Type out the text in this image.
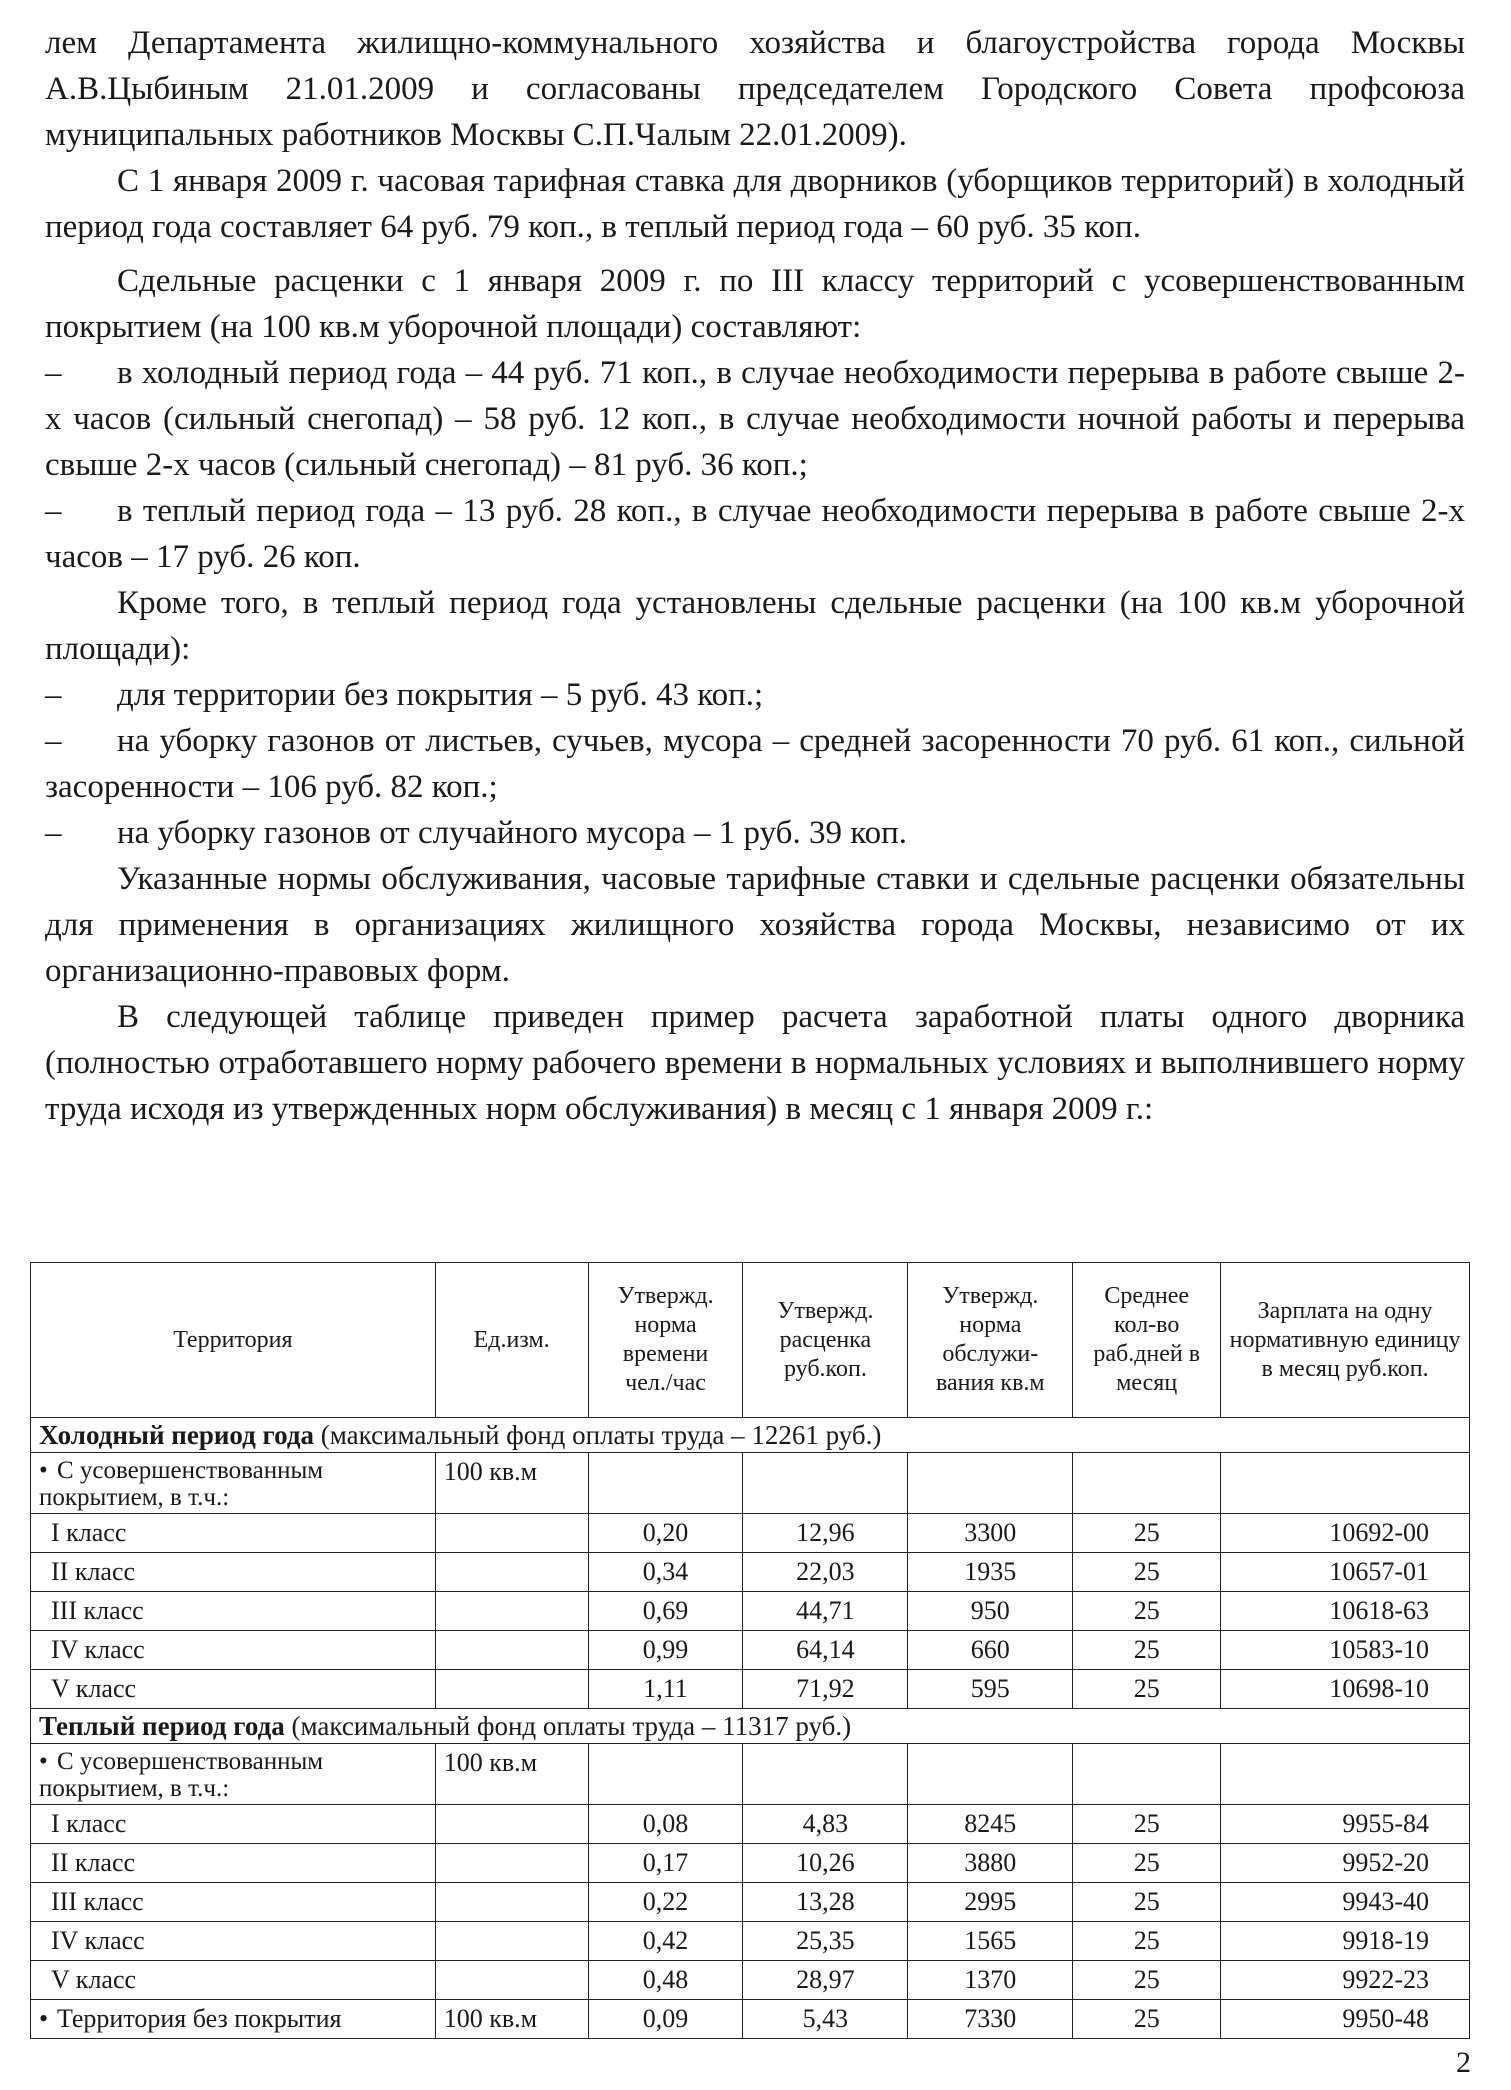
лем Департамента жилищно-коммунального хозяйства и благоустройства города Москвы А.В.Цыбиным 21.01.2009 и согласованы председателем Городского Совета профсоюза муниципальных работников Москвы С.П.Чалым 22.01.2009).

С 1 января 2009 г. часовая тарифная ставка для дворников (уборщиков территорий) в холодный период года составляет 64 руб. 79 коп., в теплый период года – 60 руб. 35 коп.

Сдельные расценки с 1 января 2009 г. по III классу территорий с усовершенствованным покрытием (на 100 кв.м уборочной площади) составляют:

– в холодный период года – 44 руб. 71 коп., в случае необходимости перерыва в работе свыше 2-х часов (сильный снегопад) – 58 руб. 12 коп., в случае необходимости ночной работы и перерыва свыше 2-х часов (сильный снегопад) – 81 руб. 36 коп.;

– в теплый период года – 13 руб. 28 коп., в случае необходимости перерыва в работе свыше 2-х часов – 17 руб. 26 коп.

Кроме того, в теплый период года установлены сдельные расценки (на 100 кв.м уборочной площади):

– для территории без покрытия – 5 руб. 43 коп.;

– на уборку газонов от листьев, сучьев, мусора – средней засоренности 70 руб. 61 коп., сильной засоренности – 106 руб. 82 коп.;

– на уборку газонов от случайного мусора – 1 руб. 39 коп.

Указанные нормы обслуживания, часовые тарифные ставки и сдельные расценки обязательны для применения в организациях жилищного хозяйства города Москвы, независимо от их организационно-правовых форм.

В следующей таблице приведен пример расчета заработной платы одного дворника (полностью отработавшего норму рабочего времени в нормальных условиях и выполнившего норму труда исходя из утвержденных норм обслуживания) в месяц с 1 января 2009 г.:

Территория	Ед.изм.	Утвержд. норма времени чел./час	Утвержд. расценка руб.коп.	Утвержд. норма обслужи-вания кв.м	Среднее кол-во раб.дней в месяц	Зарплата на одну нормативную единицу в месяц руб.коп.
Холодный период года (максимальный фонд оплаты труда – 12261 руб.)						
• С усовершенствованным покрытием, в т.ч.:	100 кв.м					
I класс		0,20	12,96	3300	25	10692-00
II класс		0,34	22,03	1935	25	10657-01
III класс		0,69	44,71	950	25	10618-63
IV класс		0,99	64,14	660	25	10583-10
V класс		1,11	71,92	595	25	10698-10
Теплый период года (максимальный фонд оплаты труда – 11317 руб.)						
• С усовершенствованным покрытием, в т.ч.:	100 кв.м					
I класс		0,08	4,83	8245	25	9955-84
II класс		0,17	10,26	3880	25	9952-20
III класс		0,22	13,28	2995	25	9943-40
IV класс		0,42	25,35	1565	25	9918-19
V класс		0,48	28,97	1370	25	9922-23
• Территория без покрытия	100 кв.м	0,09	5,43	7330	25	9950-48
2
